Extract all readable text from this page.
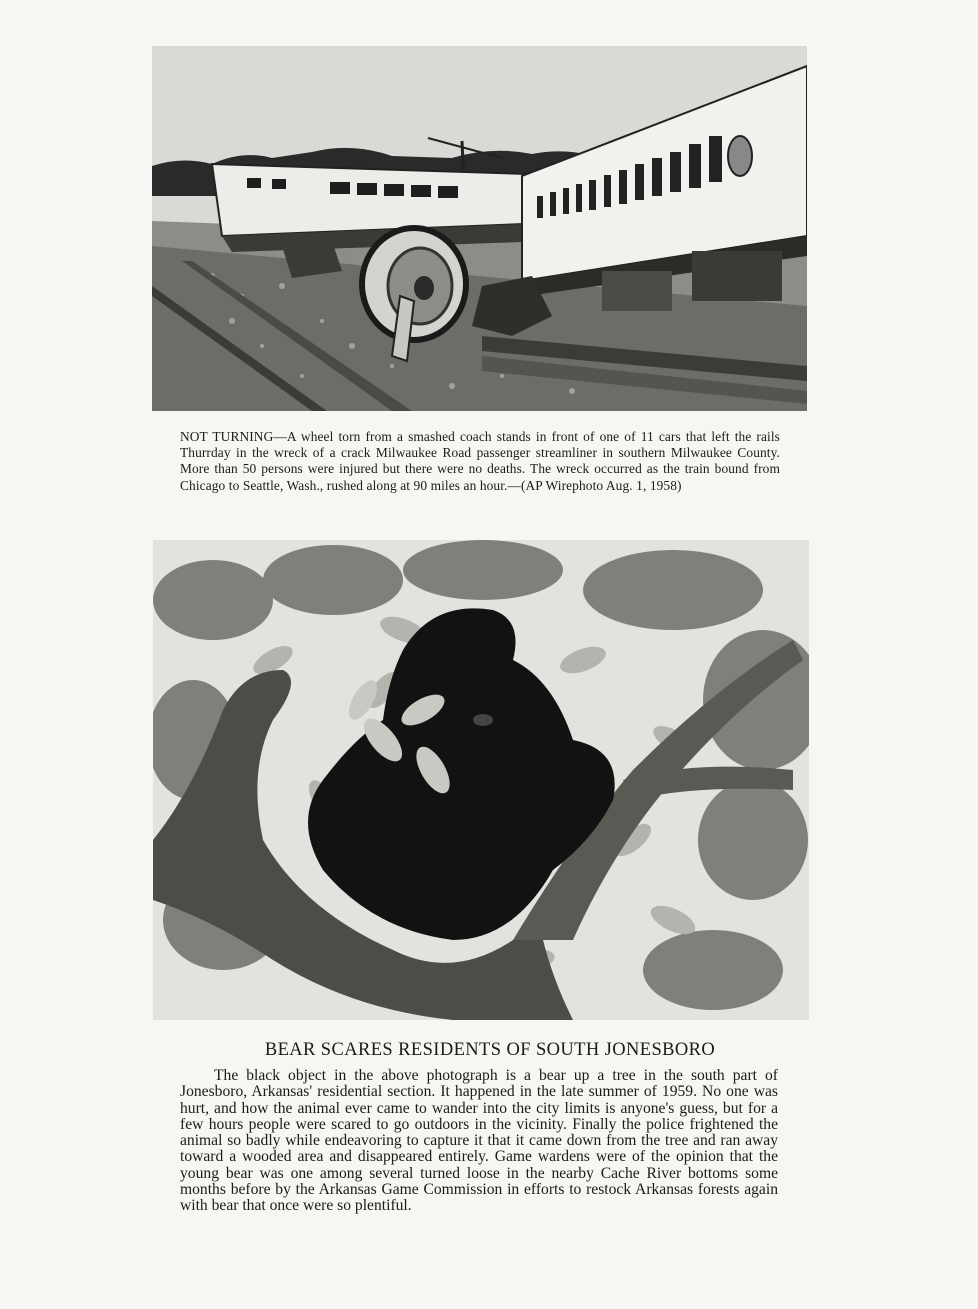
NOT TURNING—A wheel torn from a smashed coach stands in front of one of 11 cars that left the rails Thurrday in the wreck of a crack Milwaukee Road passenger streamliner in southern Milwaukee County. More than 50 persons were injured but there were no deaths. The wreck occurred as the train bound from Chicago to Seattle, Wash., rushed along at 90 miles an hour.—(AP Wirephoto Aug. 1, 1958)
BEAR SCARES RESIDENTS OF SOUTH JONESBORO

The black object in the above photograph is a bear up a tree in the south part of Jonesboro, Arkansas' residential section. It happened in the late summer of 1959. No one was hurt, and how the animal ever came to wander into the city limits is anyone's guess, but for a few hours people were scared to go outdoors in the vicinity. Finally the police frightened the animal so badly while endeavoring to capture it that it came down from the tree and ran away toward a wooded area and disappeared entirely. Game wardens were of the opinion that the young bear was one among several turned loose in the nearby Cache River bottoms some months before by the Arkansas Game Commission in efforts to restock Arkansas forests again with bear that once were so plentiful.
